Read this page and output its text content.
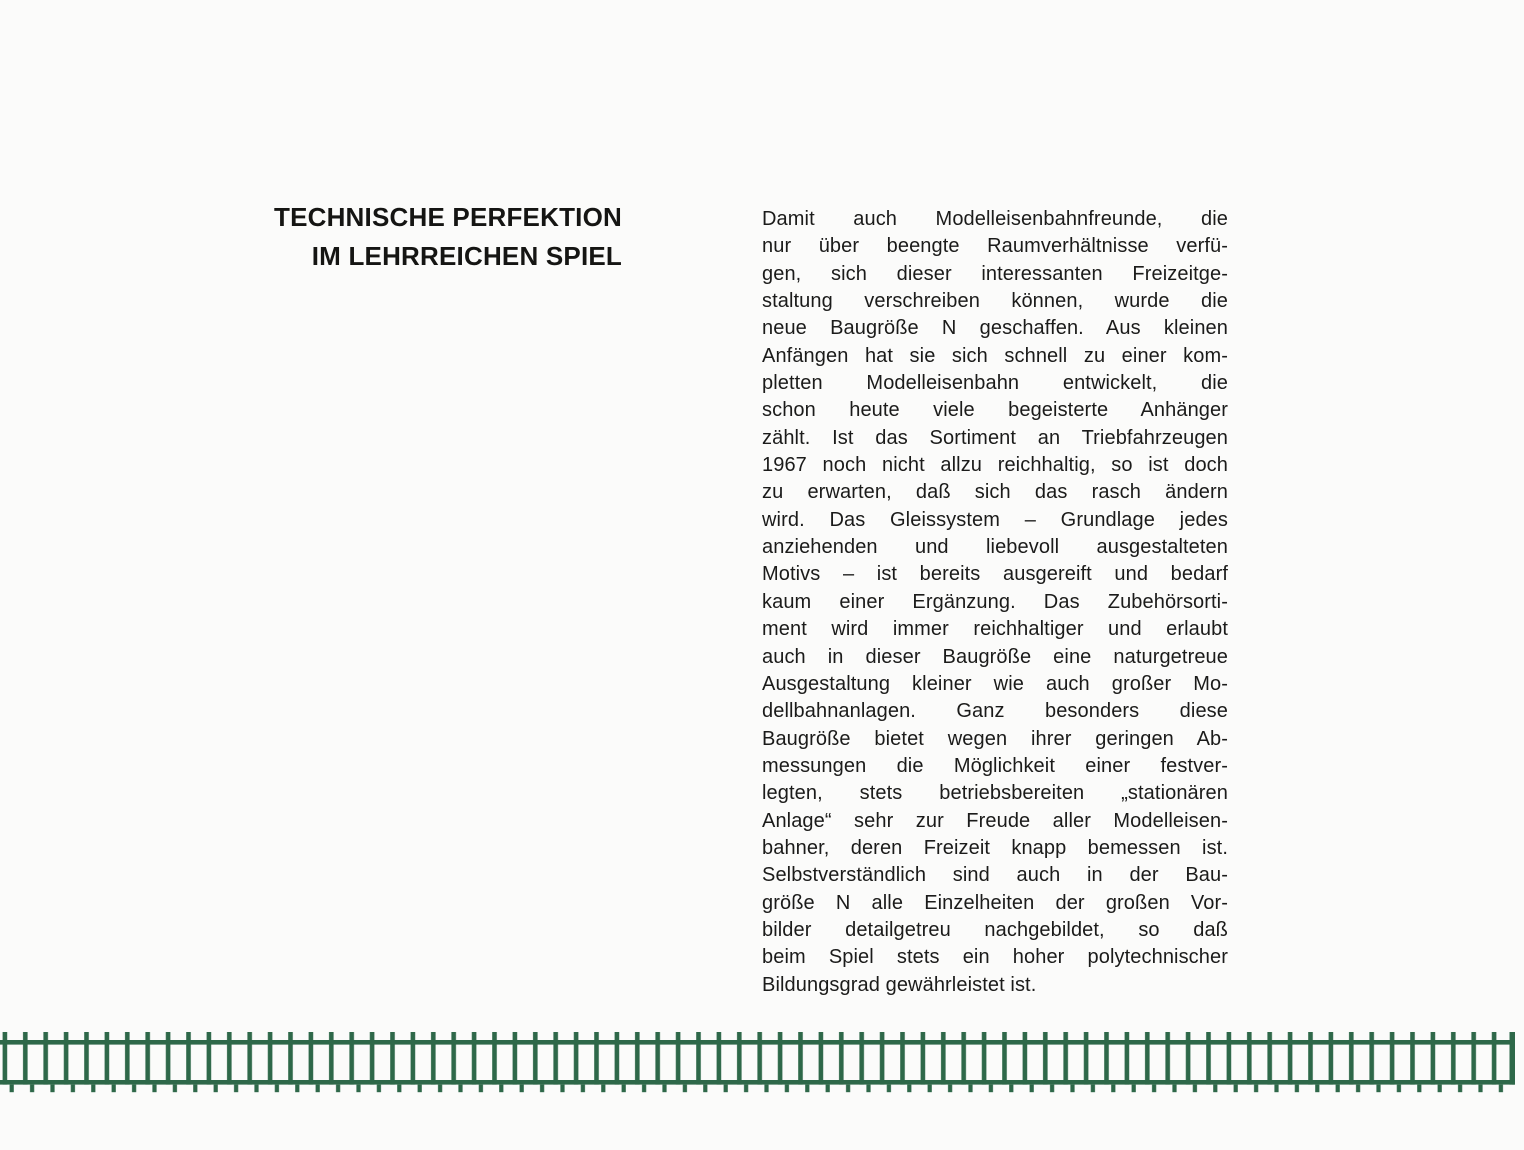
TECHNISCHE PERFEKTION
IM LEHRREICHEN SPIEL
Damit auch Modelleisenbahnfreunde, die
nur über beengte Raumverhältnisse verfü-
gen, sich dieser interessanten Freizeitge-
staltung verschreiben können, wurde die
neue Baugröße N geschaffen. Aus kleinen
Anfängen hat sie sich schnell zu einer kom-
pletten Modelleisenbahn entwickelt, die
schon heute viele begeisterte Anhänger
zählt. Ist das Sortiment an Triebfahrzeugen
1967 noch nicht allzu reichhaltig, so ist doch
zu erwarten, daß sich das rasch ändern
wird. Das Gleissystem – Grundlage jedes
anziehenden und liebevoll ausgestalteten
Motivs – ist bereits ausgereift und bedarf
kaum einer Ergänzung. Das Zubehörsorti-
ment wird immer reichhaltiger und erlaubt
auch in dieser Baugröße eine naturgetreue
Ausgestaltung kleiner wie auch großer Mo-
dellbahnanlagen. Ganz besonders diese
Baugröße bietet wegen ihrer geringen Ab-
messungen die Möglichkeit einer festver-
legten, stets betriebsbereiten „stationären
Anlage“ sehr zur Freude aller Modelleisen-
bahner, deren Freizeit knapp bemessen ist.
Selbstverständlich sind auch in der Bau-
größe N alle Einzelheiten der großen Vor-
bilder detailgetreu nachgebildet, so daß
beim Spiel stets ein hoher polytechnischer
Bildungsgrad gewährleistet ist.
